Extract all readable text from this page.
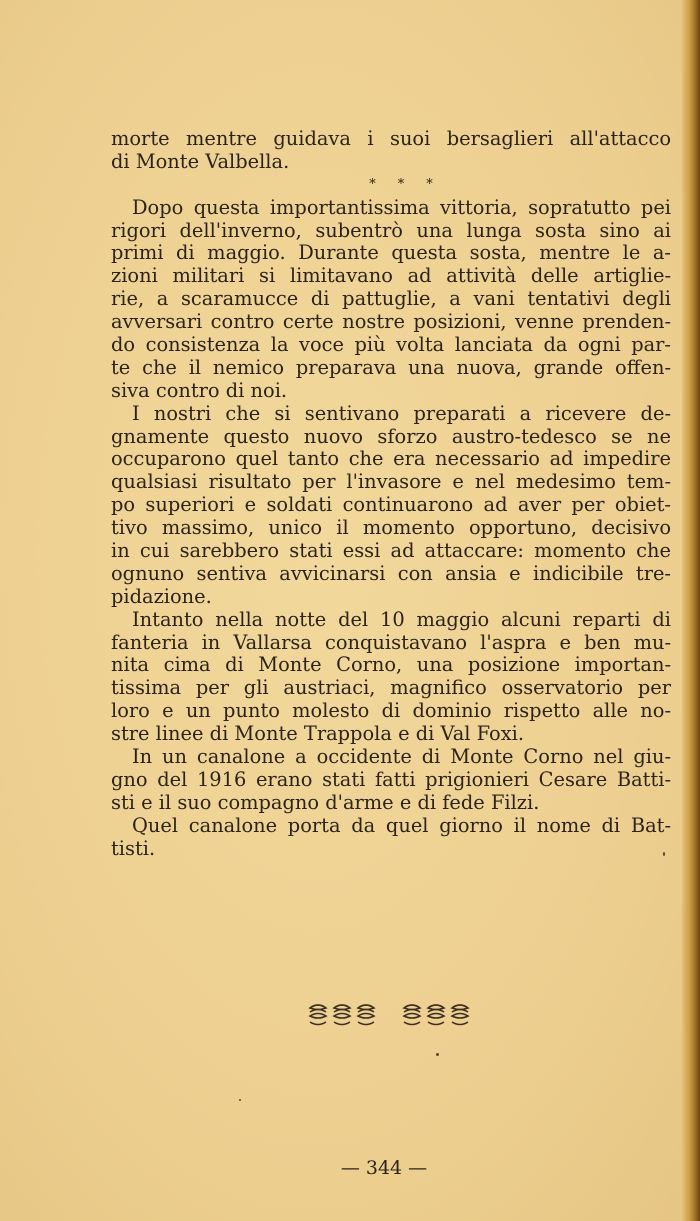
morte mentre guidava i suoi bersaglieri all'attacco
di Monte Valbella.
* * *
Dopo questa importantissima vittoria, sopratutto pei
rigori dell'inverno, subentrò una lunga sosta sino ai
primi di maggio. Durante questa sosta, mentre le a-
zioni militari si limitavano ad attività delle artiglie-
rie, a scaramucce di pattuglie, a vani tentativi degli
avversari contro certe nostre posizioni, venne prenden-
do consistenza la voce più volta lanciata da ogni par-
te che il nemico preparava una nuova, grande offen-
siva contro di noi.
I nostri che si sentivano preparati a ricevere de-
gnamente questo nuovo sforzo austro-tedesco se ne
occuparono quel tanto che era necessario ad impedire
qualsiasi risultato per l'invasore e nel medesimo tem-
po superiori e soldati continuarono ad aver per obiet-
tivo massimo, unico il momento opportuno, decisivo
in cui sarebbero stati essi ad attaccare: momento che
ognuno sentiva avvicinarsi con ansia e indicibile tre-
pidazione.
Intanto nella notte del 10 maggio alcuni reparti di
fanteria in Vallarsa conquistavano l'aspra e ben mu-
nita cima di Monte Corno, una posizione importan-
tissima per gli austriaci, magnifico osservatorio per
loro e un punto molesto di dominio rispetto alle no-
stre linee di Monte Trappola e di Val Foxi.
In un canalone a occidente di Monte Corno nel giu-
gno del 1916 erano stati fatti prigionieri Cesare Batti-
sti e il suo compagno d'arme e di fede Filzi.
Quel canalone porta da quel giorno il nome di Bat-
tisti.
— 344 —
